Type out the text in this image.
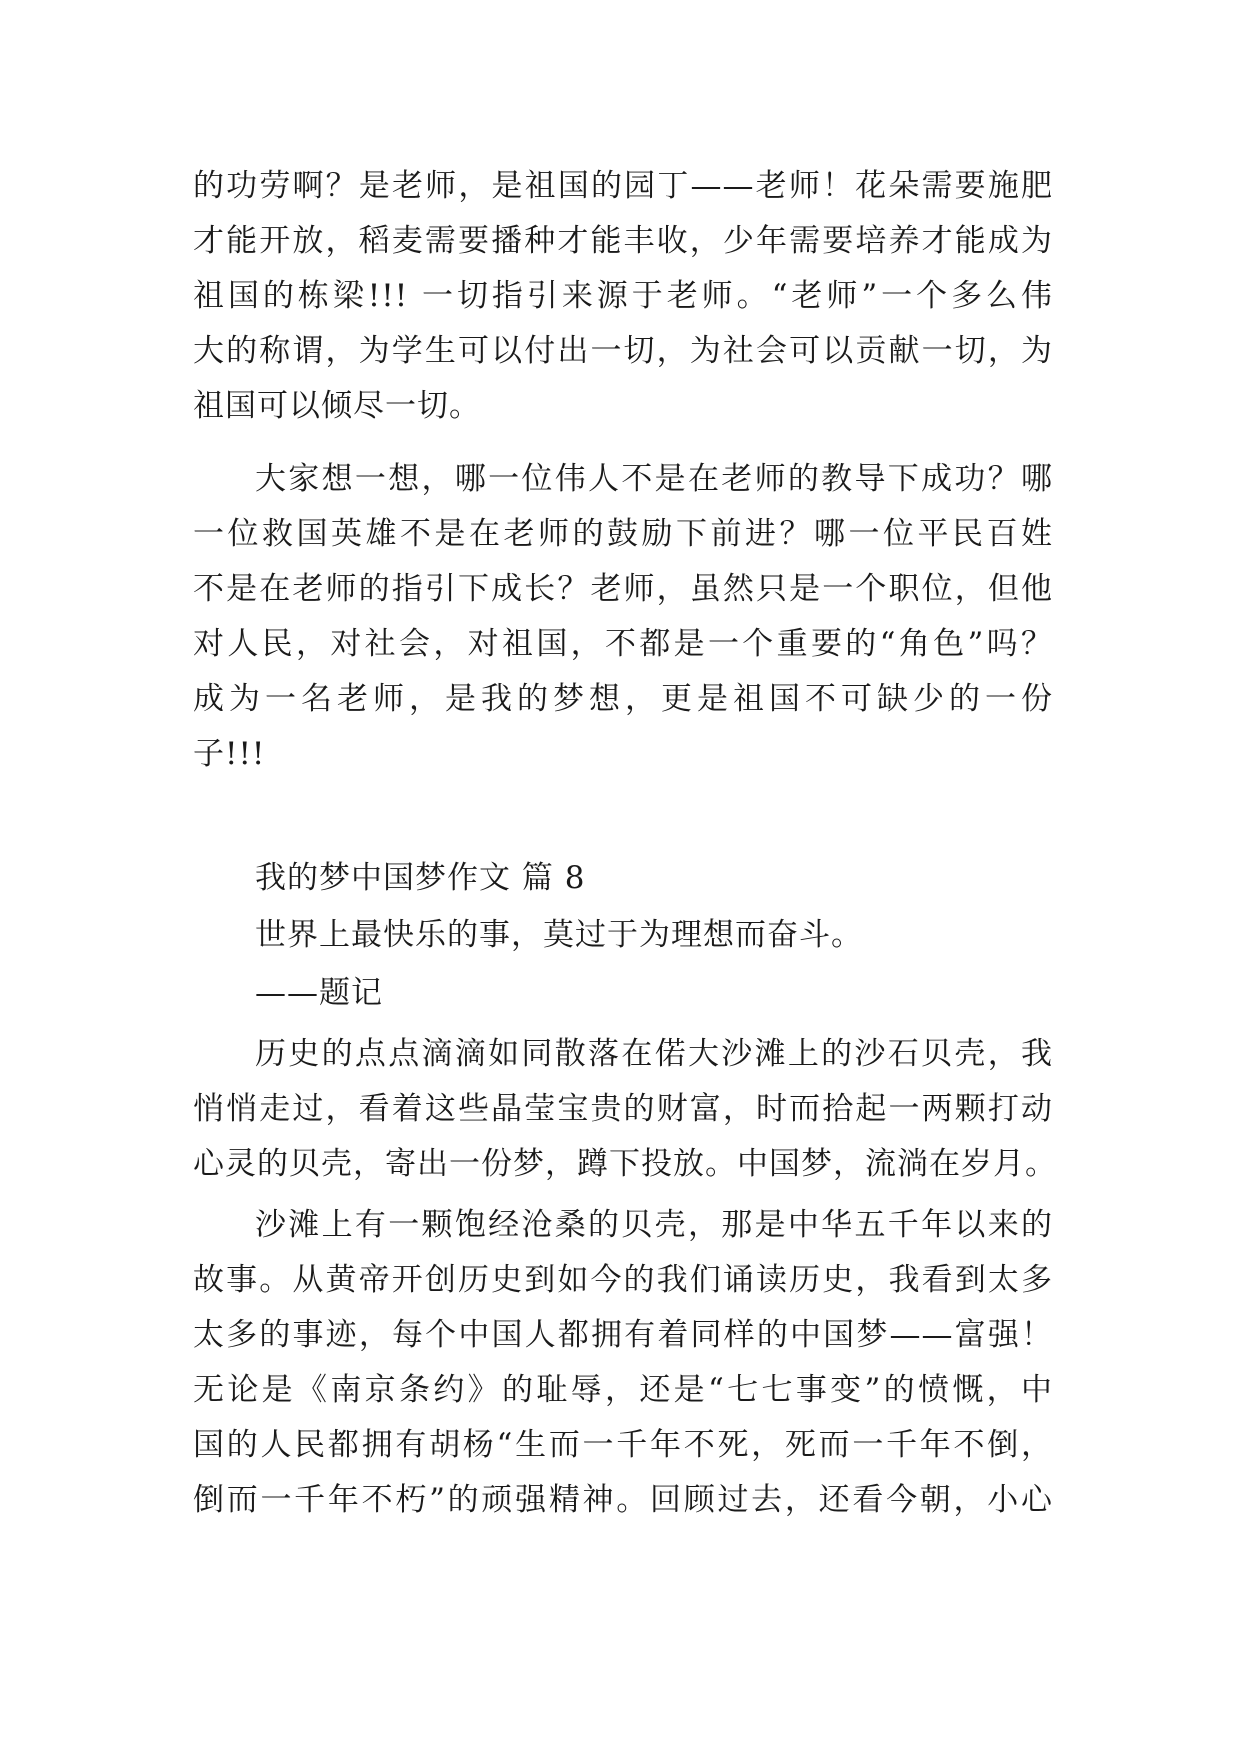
的功劳啊？是老师，是祖国的园丁——老师！花朵需要施肥
才能开放，稻麦需要播种才能丰收，少年需要培养才能成为
祖国的栋梁!!! 一切指引来源于老师。“老师”一个多么伟
大的称谓，为学生可以付出一切，为社会可以贡献一切，为
祖国可以倾尽一切。
大家想一想，哪一位伟人不是在老师的教导下成功？哪
一位救国英雄不是在老师的鼓励下前进？哪一位平民百姓
不是在老师的指引下成长？老师，虽然只是一个职位，但他
对人民，对社会，对祖国，不都是一个重要的“角色”吗？
成为一名老师，是我的梦想，更是祖国不可缺少的一份
子!!!
我的梦中国梦作文 篇 8
世界上最快乐的事，莫过于为理想而奋斗。
——题记
历史的点点滴滴如同散落在偌大沙滩上的沙石贝壳，我
悄悄走过，看着这些晶莹宝贵的财富，时而拾起一两颗打动
心灵的贝壳，寄出一份梦，蹲下投放。中国梦，流淌在岁月。
沙滩上有一颗饱经沧桑的贝壳，那是中华五千年以来的
故事。从黄帝开创历史到如今的我们诵读历史，我看到太多
太多的事迹，每个中国人都拥有着同样的中国梦——富强！
无论是《南京条约》的耻辱，还是“七七事变”的愤慨，中
国的人民都拥有胡杨“生而一千年不死，死而一千年不倒，
倒而一千年不朽”的顽强精神。回顾过去，还看今朝，小心
